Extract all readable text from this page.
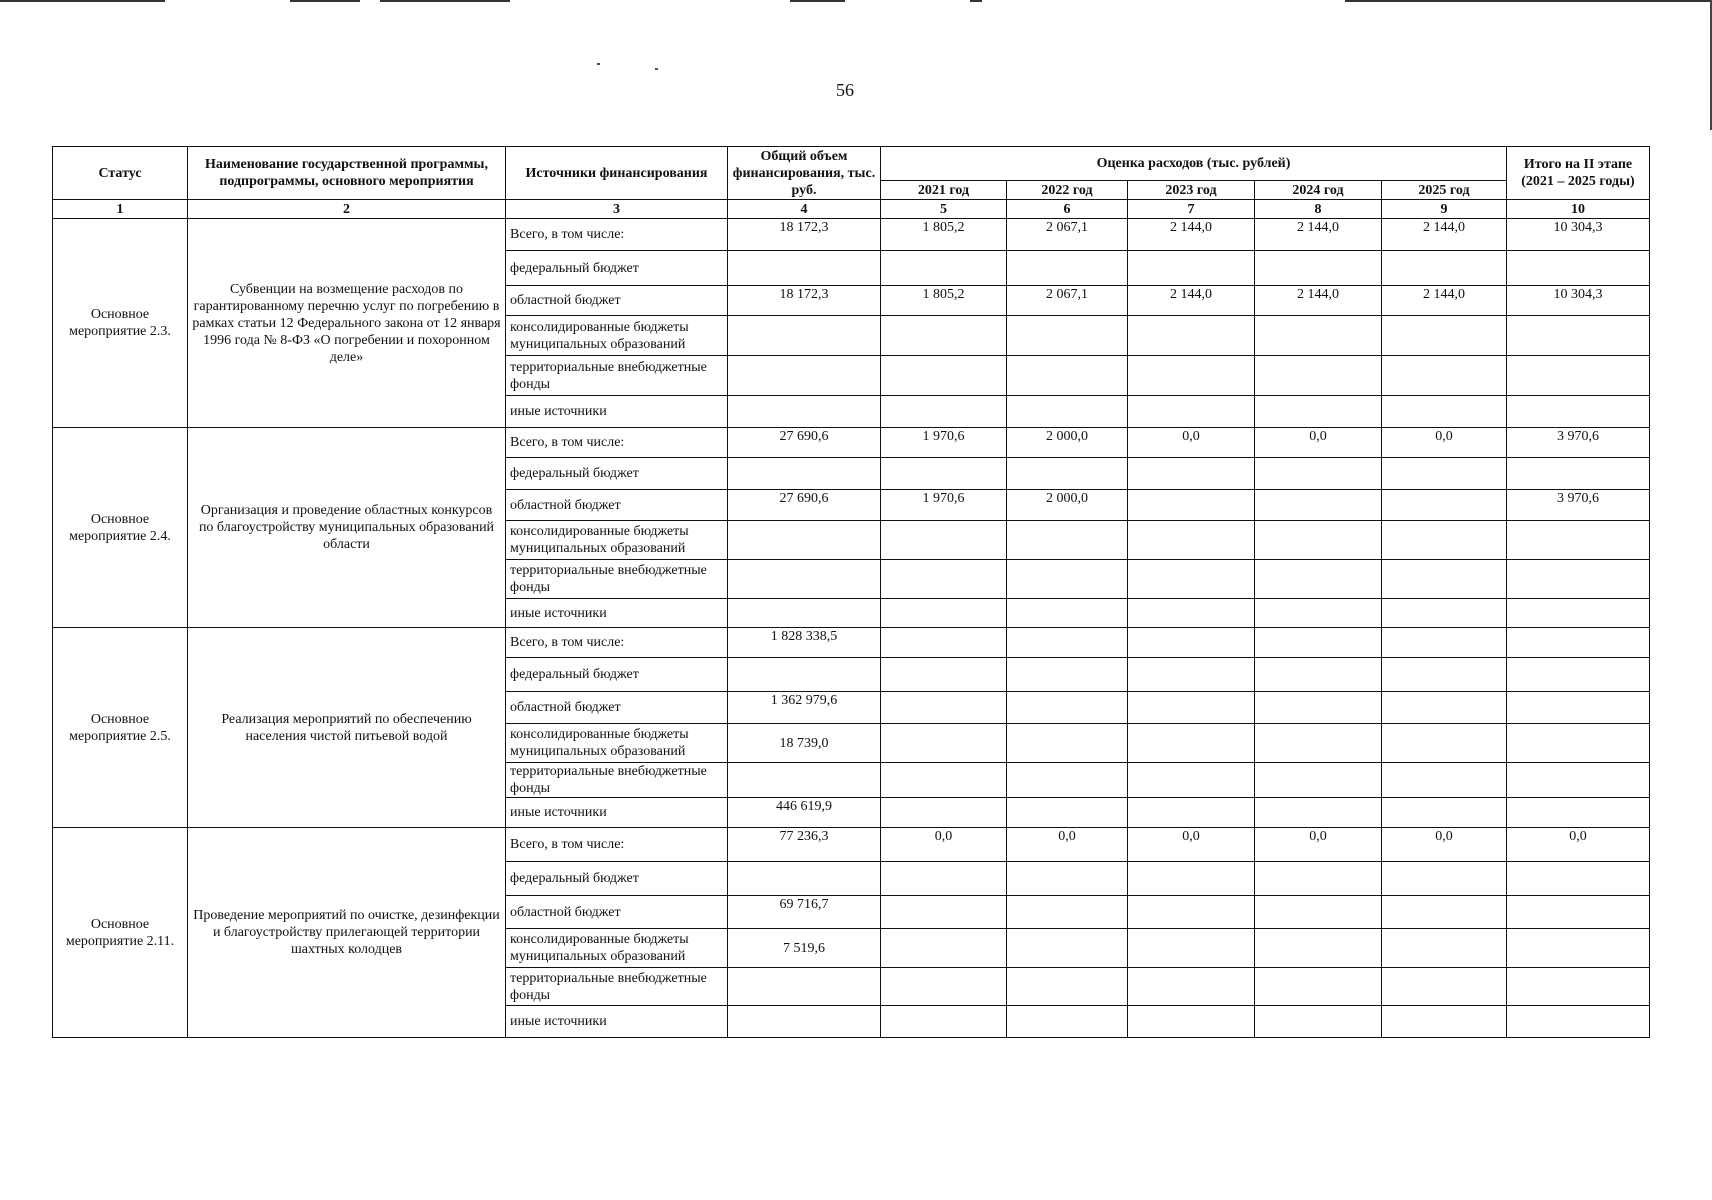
56
Статус	Наименование государственной программы, подпрограммы, основного мероприятия	Источники финансирования	Общий объем финансирования, тыс. руб.	Оценка расходов (тыс. рублей)					Итого на II этапе (2021 – 2025 годы)
				2021 год	2022 год	2023 год	2024 год	2025 год	
1	2	3	4	5	6	7	8	9	10
Основное мероприятие 2.3.	Субвенции на возмещение расходов по гарантированному перечню услуг по погребению в рамках статьи 12 Федерального закона от 12 января 1996 года № 8-ФЗ «О погребении и похоронном деле»	Всего, в том числе:	18 172,3	1 805,2	2 067,1	2 144,0	2 144,0	2 144,0	10 304,3
		федеральный бюджет							
		областной бюджет	18 172,3	1 805,2	2 067,1	2 144,0	2 144,0	2 144,0	10 304,3
		консолидированные бюджеты муниципальных образований							
		территориальные внебюджетные фонды							
		иные источники							
Основное мероприятие 2.4.	Организация и проведение областных конкурсов по благоустройству муниципальных образований области	Всего, в том числе:	27 690,6	1 970,6	2 000,0	0,0	0,0	0,0	3 970,6
		федеральный бюджет							
		областной бюджет	27 690,6	1 970,6	2 000,0				3 970,6
		консолидированные бюджеты муниципальных образований							
		территориальные внебюджетные фонды							
		иные источники							
Основное мероприятие 2.5.	Реализация мероприятий по обеспечению населения чистой питьевой водой	Всего, в том числе:	1 828 338,5						
		федеральный бюджет							
		областной бюджет	1 362 979,6						
		консолидированные бюджеты муниципальных образований	18 739,0						
		территориальные внебюджетные фонды							
		иные источники	446 619,9						
Основное мероприятие 2.11.	Проведение мероприятий по очистке, дезинфекции и благоустройству прилегающей территории шахтных колодцев	Всего, в том числе:	77 236,3	0,0	0,0	0,0	0,0	0,0	0,0
		федеральный бюджет							
		областной бюджет	69 716,7						
		консолидированные бюджеты муниципальных образований	7 519,6						
		территориальные внебюджетные фонды							
		иные источники							
